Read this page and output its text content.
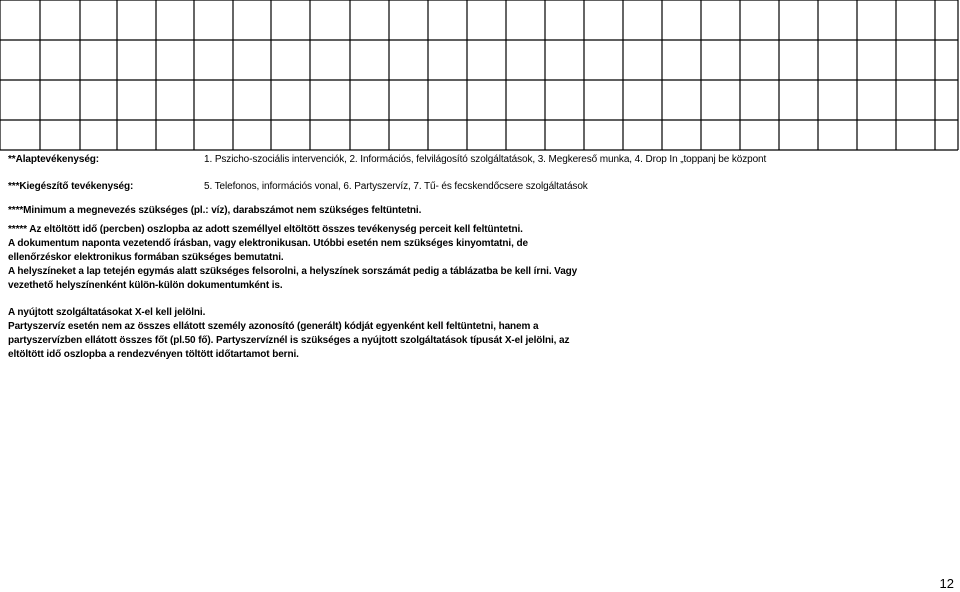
**Alaptevékenység:	1. Pszicho-szociális intervenciók, 2. Információs, felvilágosító szolgáltatások, 3. Megkereső munka, 4. Drop In „toppanj be központ
***Kiegészítő tevékenység:	5. Telefonos, információs vonal, 6. Partyszervíz, 7. Tű- és fecskendőcsere szolgáltatások
****Minimum a megnevezés szükséges (pl.: víz), darabszámot nem szükséges feltüntetni.
***** Az eltöltött idő (percben) oszlopba az adott személlyel eltöltött összes tevékenység perceit kell feltüntetni.
A dokumentum naponta vezetendő írásban, vagy elektronikusan. Utóbbi esetén nem szükséges kinyomtatni, de
ellenőrzéskor elektronikus formában szükséges bemutatni.
A helyszíneket a lap tetején egymás alatt szükséges felsorolni, a helyszínek sorszámát pedig a táblázatba be kell írni. Vagy
vezethető helyszínenként külön-külön dokumentumként is.
A nyújtott szolgáltatásokat X-el kell jelölni.
Partyszervíz esetén nem az összes ellátott személy azonosító (generált) kódját egyenként kell feltüntetni, hanem a
partyszervízben ellátott összes főt (pl.50 fő). Partyszervíznél is szükséges a nyújtott szolgáltatások típusát X-el jelölni, az
eltöltött idő oszlopba a rendezvényen töltött időtartamot berni.
12
